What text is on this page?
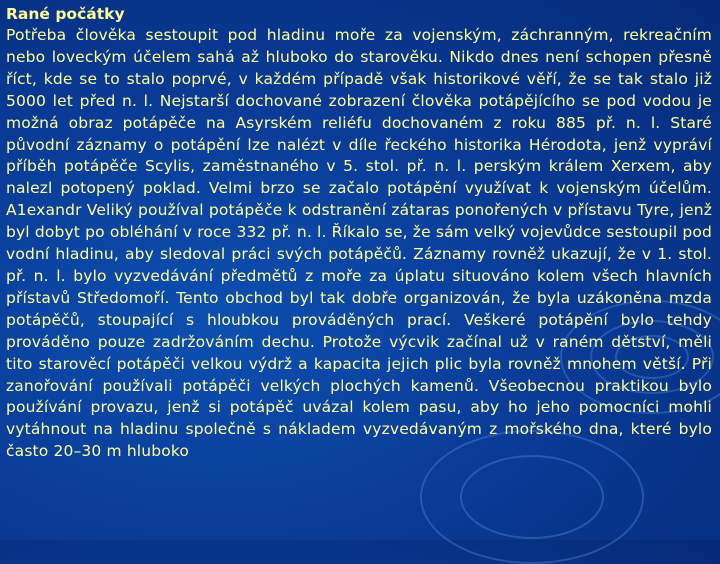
Rané počátky

Potřeba člověka sestoupit pod hladinu moře za vojenským, záchranným, rekreačním nebo loveckým účelem sahá až hluboko do starověku. Nikdo dnes není schopen přesně říct, kde se to stalo poprvé, v každém případě však historikové věří, že se tak stalo již 5000 let před n. l. Nejstarší dochované zobrazení člověka potápějícího se pod vodou je možná obraz potápěče na Asyrském reliéfu dochovaném z roku 885 př. n. l. Staré původní záznamy o potápění lze nalézt v díle řeckého historika Hérodota, jenž vypráví příběh potápěče Scylis, zaměstnaného v 5. stol. př. n. l. perským králem Xerxem, aby nalezl potopený poklad. Velmi brzo se začalo potápění využívat k vojenským účelům. A1exandr Veliký používal potápěče k odstranění zátaras ponořených v přístavu Tyre, jenž byl dobyt po obléhání v roce 332 př. n. l. Říkalo se, že sám velký vojevůdce sestoupil pod vodní hladinu, aby sledoval práci svých potápěčů. Záznamy rovněž ukazují, že v 1. stol. př. n. l. bylo vyzvedávání předmětů z moře za úplatu situováno kolem všech hlavních přístavů Středomoří. Tento obchod byl tak dobře organizován, že byla uzákoněna mzda potápěčů, stoupající s hloubkou prováděných prací. Veškeré potápění bylo tehdy prováděno pouze zadržováním dechu. Protože výcvik začínal už v raném dětství, měli tito starověcí potápěči velkou výdrž a kapacita jejich plic byla rovněž mnohem větší. Při zanořování používali potápěči velkých plochých kamenů. Všeobecnou praktikou bylo používání provazu, jenž si potápěč uvázal kolem pasu, aby ho jeho pomocníci mohli vytáhnout na hladinu společně s nákladem vyzvedávaným z mořského dna, které bylo často 20–30 m hluboko
